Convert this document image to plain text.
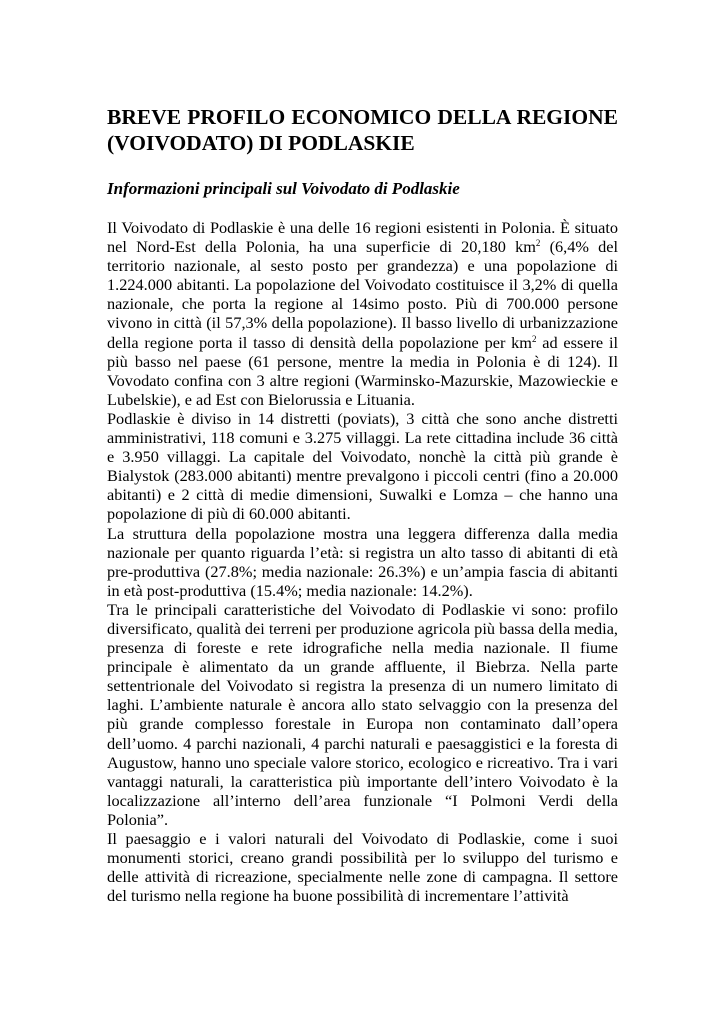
BREVE PROFILO ECONOMICO DELLA REGIONE (VOIVODATO) DI PODLASKIE
Informazioni principali sul Voivodato di Podlaskie

Il Voivodato di Podlaskie è una delle 16 regioni esistenti in Polonia. È situato nel Nord-Est della Polonia, ha una superficie di 20,180 $km^2$ (6,4% del territorio nazionale, al sesto posto per grandezza) e una popolazione di 1.224.000 abitanti. La popolazione del Voivodato costituisce il 3,2% di quella nazionale, che porta la regione al 14simo posto. Più di 700.000 persone vivono in città (il 57,3% della popolazione). Il basso livello di urbanizzazione della regione porta il tasso di densità della popolazione per $km^2$ ad essere il più basso nel paese (61 persone, mentre la media in Polonia è di 124). Il Vovodato confina con 3 altre regioni (Warminsko-Mazurskie, Mazowieckie e Lubelskie), e ad Est con Bielorussia e Lituania.

Podlaskie è diviso in 14 distretti (poviats), 3 città che sono anche distretti amministrativi, 118 comuni e 3.275 villaggi. La rete cittadina include 36 città e 3.950 villaggi. La capitale del Voivodato, nonchè la città più grande è Bialystok (283.000 abitanti) mentre prevalgono i piccoli centri (fino a 20.000 abitanti) e 2 città di medie dimensioni, Suwalki e Lomza – che hanno una popolazione di più di 60.000 abitanti.

La struttura della popolazione mostra una leggera differenza dalla media nazionale per quanto riguarda l’età: si registra un alto tasso di abitanti di età pre-produttiva (27.8%; media nazionale: 26.3%) e un’ampia fascia di abitanti in età post-produttiva (15.4%; media nazionale: 14.2%).

Tra le principali caratteristiche del Voivodato di Podlaskie vi sono: profilo diversificato, qualità dei terreni per produzione agricola più bassa della media, presenza di foreste e rete idrografiche nella media nazionale. Il fiume principale è alimentato da un grande affluente, il Biebrza. Nella parte settentrionale del Voivodato si registra la presenza di un numero limitato di laghi. L’ambiente naturale è ancora allo stato selvaggio con la presenza del più grande complesso forestale in Europa non contaminato dall’opera dell’uomo. 4 parchi nazionali, 4 parchi naturali e paesaggistici e la foresta di Augustow, hanno uno speciale valore storico, ecologico e ricreativo. Tra i vari vantaggi naturali, la caratteristica più importante dell’intero Voivodato è la localizzazione all’interno dell’area funzionale “I Polmoni Verdi della Polonia”.

Il paesaggio e i valori naturali del Voivodato di Podlaskie, come i suoi monumenti storici, creano grandi possibilità per lo sviluppo del turismo e delle attività di ricreazione, specialmente nelle zone di campagna. Il settore del turismo nella regione ha buone possibilità di incrementare l’attività
